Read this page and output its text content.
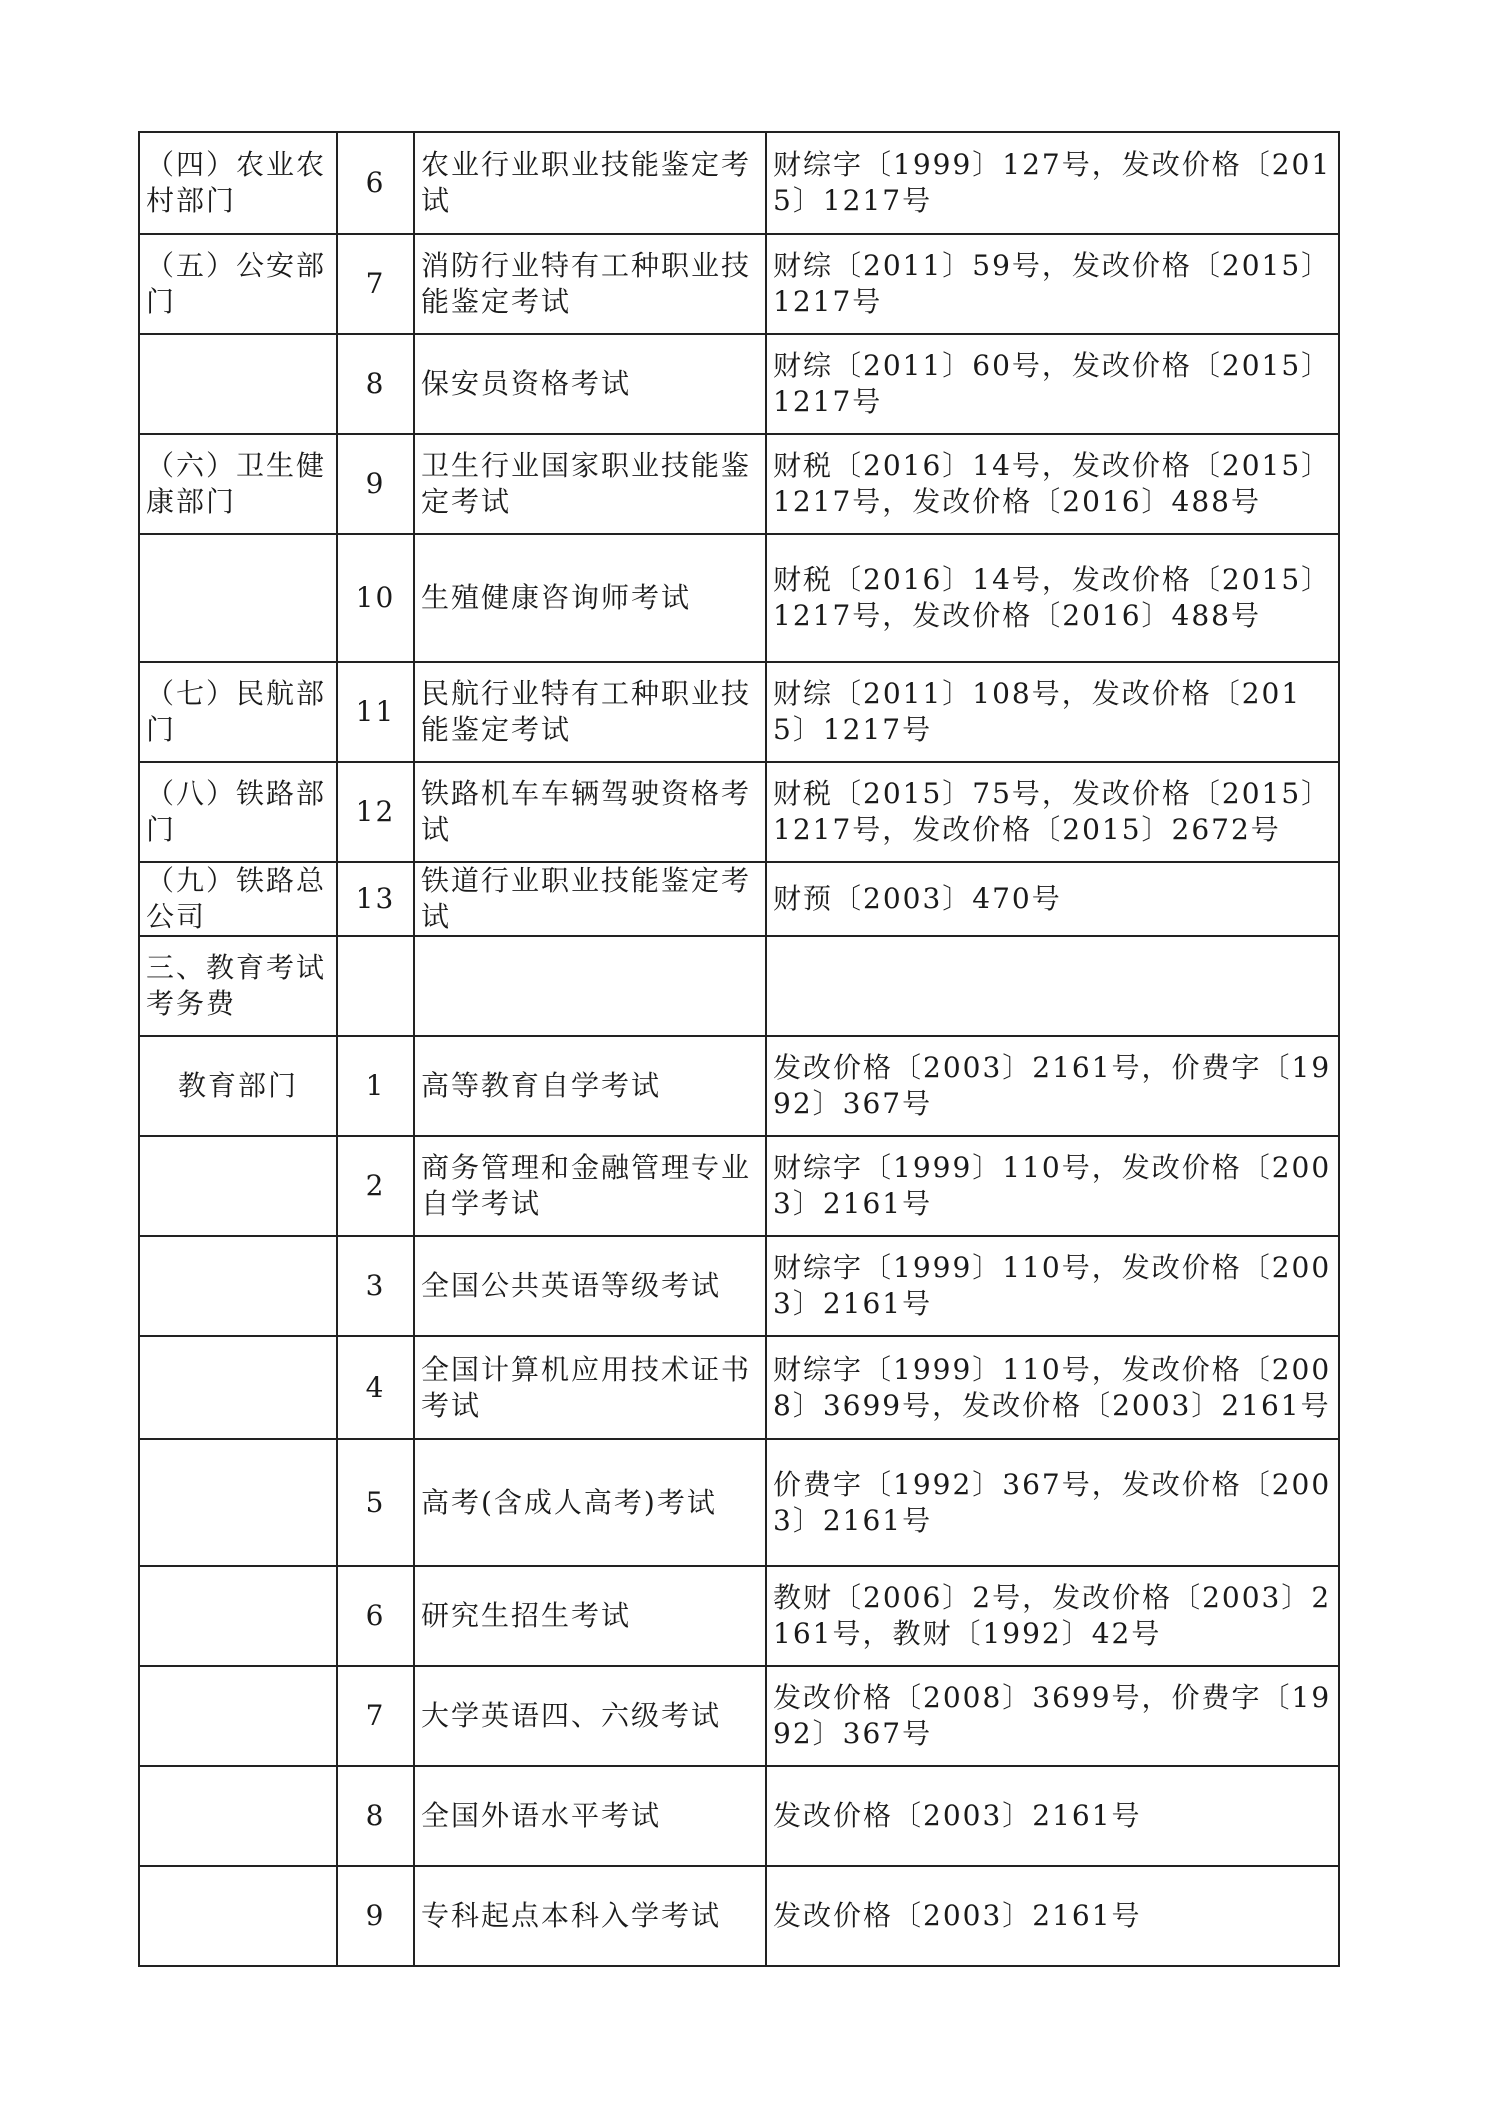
（四）农业农村部门	6	农业行业职业技能鉴定考试	财综字〔1999〕127号，发改价格〔2015〕1217号
（五）公安部门	7	消防行业特有工种职业技能鉴定考试	财综〔2011〕59号，发改价格〔2015〕1217号
	8	保安员资格考试	财综〔2011〕60号，发改价格〔2015〕1217号
（六）卫生健康部门	9	卫生行业国家职业技能鉴定考试	财税〔2016〕14号，发改价格〔2015〕1217号，发改价格〔2016〕488号
	10	生殖健康咨询师考试	财税〔2016〕14号，发改价格〔2015〕1217号，发改价格〔2016〕488号
（七）民航部门	11	民航行业特有工种职业技能鉴定考试	财综〔2011〕108号，发改价格〔2015〕1217号
（八）铁路部门	12	铁路机车车辆驾驶资格考试	财税〔2015〕75号，发改价格〔2015〕1217号，发改价格〔2015〕2672号
（九）铁路总公司	13	铁道行业职业技能鉴定考试	财预〔2003〕470号
三、教育考试考务费			
教育部门	1	高等教育自学考试	发改价格〔2003〕2161号，价费字〔1992〕367号
	2	商务管理和金融管理专业自学考试	财综字〔1999〕110号，发改价格〔2003〕2161号
	3	全国公共英语等级考试	财综字〔1999〕110号，发改价格〔2003〕2161号
	4	全国计算机应用技术证书考试	财综字〔1999〕110号，发改价格〔2008〕3699号，发改价格〔2003〕2161号
	5	高考(含成人高考)考试	价费字〔1992〕367号，发改价格〔2003〕2161号
	6	研究生招生考试	教财〔2006〕2号，发改价格〔2003〕2161号，教财〔1992〕42号
	7	大学英语四、六级考试	发改价格〔2008〕3699号，价费字〔1992〕367号
	8	全国外语水平考试	发改价格〔2003〕2161号
	9	专科起点本科入学考试	发改价格〔2003〕2161号
